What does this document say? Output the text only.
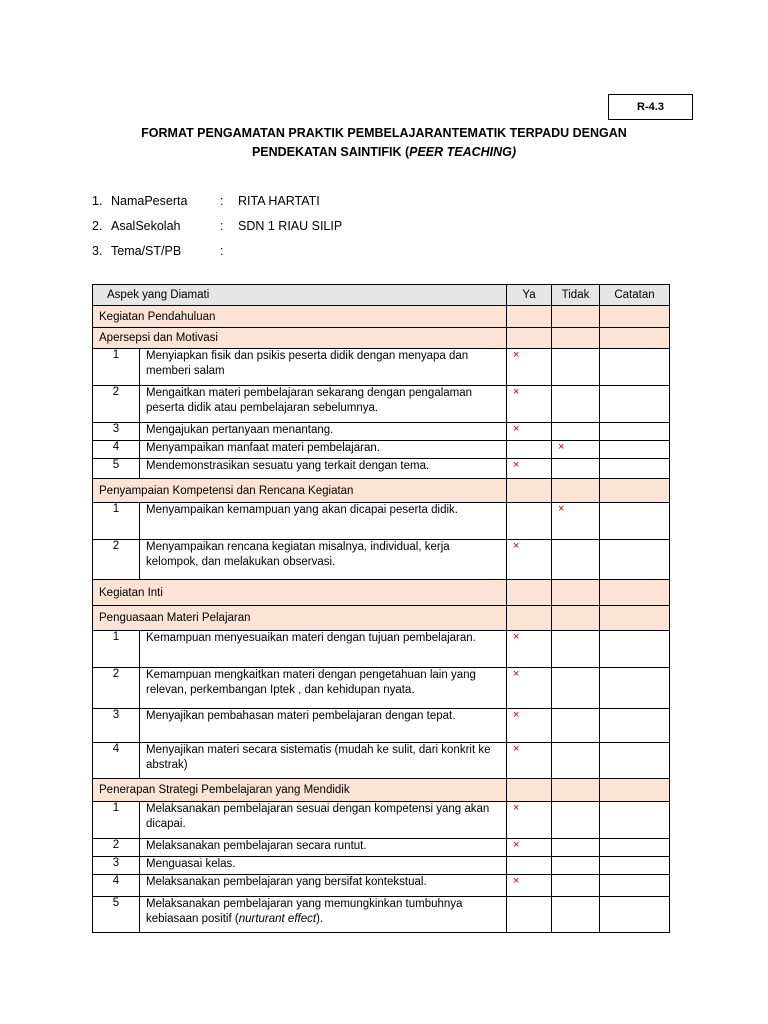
R-4.3
FORMAT PENGAMATAN PRAKTIK PEMBELAJARANTEMATIK TERPADU DENGAN
PENDEKATAN SAINTIFIK (PEER TEACHING)
1. NamaPeserta	: RITA HARTATI
2. AsalSekolah	: SDN 1 RIAU SILIP
3. Tema/ST/PB	:
Aspek yang Diamati		Ya	Tidak	Catatan
Kegiatan Pendahuluan				
Apersepsi dan Motivasi				
1	Menyiapkan fisik dan psikis peserta didik dengan menyapa dan memberi salam	×		
2	Mengaitkan materi pembelajaran sekarang dengan pengalaman peserta didik atau pembelajaran sebelumnya.	×		
3	Mengajukan pertanyaan menantang.	×		
4	Menyampaikan manfaat materi pembelajaran.		×	
5	Mendemonstrasikan sesuatu yang terkait dengan tema.	×		
Penyampaian Kompetensi dan Rencana Kegiatan				
1	Menyampaikan kemampuan yang akan dicapai peserta didik.		×	
2	Menyampaikan rencana kegiatan misalnya, individual, kerja kelompok, dan melakukan observasi.	×		
Kegiatan Inti				
Penguasaan Materi Pelajaran				
1	Kemampuan menyesuaikan materi dengan tujuan pembelajaran.	×		
2	Kemampuan mengkaitkan materi dengan pengetahuan lain yang relevan, perkembangan Iptek , dan kehidupan nyata.	×		
3	Menyajikan pembahasan materi pembelajaran dengan tepat.	×		
4	Menyajikan materi secara sistematis (mudah ke sulit, dari konkrit ke abstrak)	×		
Penerapan Strategi Pembelajaran yang Mendidik				
1	Melaksanakan pembelajaran sesuai dengan kompetensi yang akan dicapai.	×		
2	Melaksanakan pembelajaran secara runtut.	×		
3	Menguasai kelas.			
4	Melaksanakan pembelajaran yang bersifat kontekstual.	×		
5	Melaksanakan pembelajaran yang memungkinkan tumbuhnya kebiasaan positif (nurturant effect).			
